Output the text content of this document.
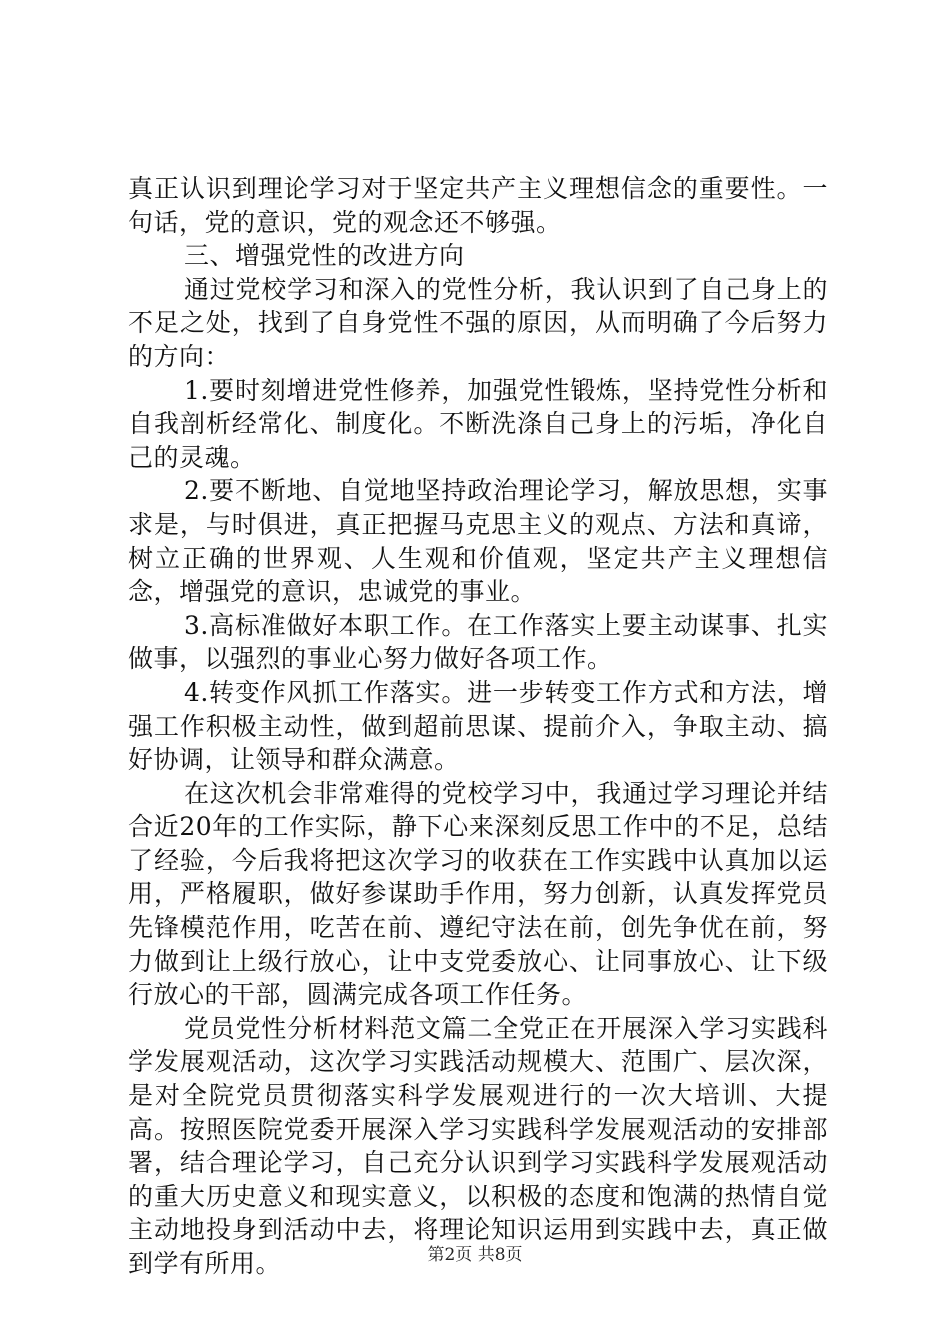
真正认识到理论学习对于坚定共产主义理想信念的重要性。一句话，党的意识，党的观念还不够强。

三、增强党性的改进方向

通过党校学习和深入的党性分析，我认识到了自己身上的不足之处，找到了自身党性不强的原因，从而明确了今后努力的方向：

1.要时刻增进党性修养，加强党性锻炼，坚持党性分析和自我剖析经常化、制度化。不断洗涤自己身上的污垢，净化自己的灵魂。

2.要不断地、自觉地坚持政治理论学习，解放思想，实事求是，与时俱进，真正把握马克思主义的观点、方法和真谛，树立正确的世界观、人生观和价值观，坚定共产主义理想信念，增强党的意识，忠诚党的事业。

3.高标准做好本职工作。在工作落实上要主动谋事、扎实做事，以强烈的事业心努力做好各项工作。

4.转变作风抓工作落实。进一步转变工作方式和方法，增强工作积极主动性，做到超前思谋、提前介入，争取主动、搞好协调，让领导和群众满意。

在这次机会非常难得的党校学习中，我通过学习理论并结合近20年的工作实际，静下心来深刻反思工作中的不足，总结了经验，今后我将把这次学习的收获在工作实践中认真加以运用，严格履职，做好参谋助手作用，努力创新，认真发挥党员先锋模范作用，吃苦在前、遵纪守法在前，创先争优在前，努力做到让上级行放心，让中支党委放心、让同事放心、让下级行放心的干部，圆满完成各项工作任务。

党员党性分析材料范文篇二全党正在开展深入学习实践科学发展观活动，这次学习实践活动规模大、范围广、层次深，是对全院党员贯彻落实科学发展观进行的一次大培训、大提高。按照医院党委开展深入学习实践科学发展观活动的安排部署，结合理论学习，自己充分认识到学习实践科学发展观活动的重大历史意义和现实意义，以积极的态度和饱满的热情自觉主动地投身到活动中去，将理论知识运用到实践中去，真正做到学有所用。	第2页 共8页
